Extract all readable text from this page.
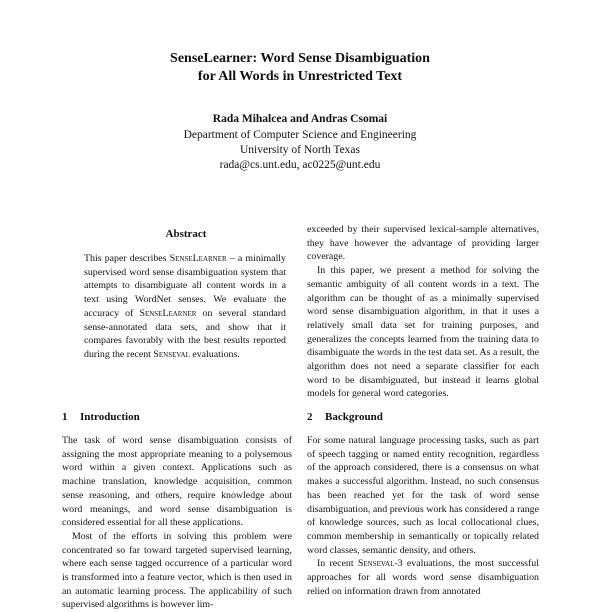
SenseLearner: Word Sense Disambiguation
for All Words in Unrestricted Text
Rada Mihalcea and Andras Csomai
Department of Computer Science and Engineering
University of North Texas
rada@cs.unt.edu, ac0225@unt.edu
Abstract
This paper describes SenseLearner – a minimally supervised word sense disambiguation system that attempts to disambiguate all content words in a text using WordNet senses. We evaluate the accuracy of SenseLearner on several standard sense-annotated data sets, and show that it compares favorably with the best results reported during the recent Senseval evaluations.
1 Introduction

The task of word sense disambiguation consists of assigning the most appropriate meaning to a polysemous word within a given context. Applications such as machine translation, knowledge acquisition, common sense reasoning, and others, require knowledge about word meanings, and word sense disambiguation is considered essential for all these applications.

Most of the efforts in solving this problem were concentrated so far toward targeted supervised learning, where each sense tagged occurrence of a particular word is transformed into a feature vector, which is then used in an automatic learning process. The applicability of such supervised algorithms is however lim-

exceeded by their supervised lexical-sample alternatives, they have however the advantage of providing larger coverage.

In this paper, we present a method for solving the semantic ambiguity of all content words in a text. The algorithm can be thought of as a minimally supervised word sense disambiguation algorithm, in that it uses a relatively small data set for training purposes, and generalizes the concepts learned from the training data to disambiguate the words in the test data set. As a result, the algorithm does not need a separate classifier for each word to be disambiguated, but instead it learns global models for general word categories.

2 Background

For some natural language processing tasks, such as part of speech tagging or named entity recognition, regardless of the approach considered, there is a consensus on what makes a successful algorithm. Instead, no such consensus has been reached yet for the task of word sense disambiguation, and previous work has considered a range of knowledge sources, such as local collocational clues, common membership in semantically or topically related word classes, semantic density, and others.

In recent Senseval-3 evaluations, the most successful approaches for all words word sense disambiguation relied on information drawn from annotated
